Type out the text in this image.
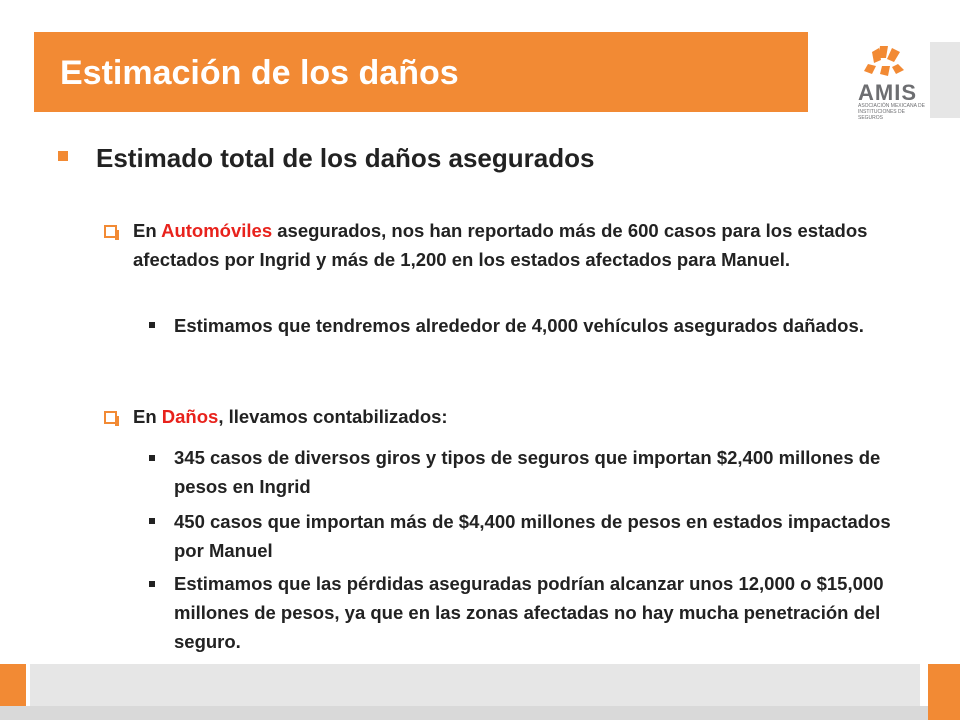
Estimación de los daños
AMIS
ASOCIACIÓN MEXICANA DE INSTITUCIONES DE SEGUROS
Estimado total de los daños asegurados
En Automóviles asegurados, nos han reportado más de 600 casos para los estados afectados por Ingrid y más de 1,200 en los estados afectados para Manuel.
Estimamos que tendremos alrededor de 4,000 vehículos asegurados dañados.
En Daños, llevamos contabilizados:
345 casos de diversos giros y tipos de seguros que importan $2,400 millones de pesos en Ingrid
450 casos que importan más de $4,400 millones de pesos en estados impactados por Manuel
Estimamos que las pérdidas aseguradas podrían alcanzar unos 12,000 o $15,000 millones de pesos, ya que en las zonas afectadas no hay mucha penetración del seguro.
